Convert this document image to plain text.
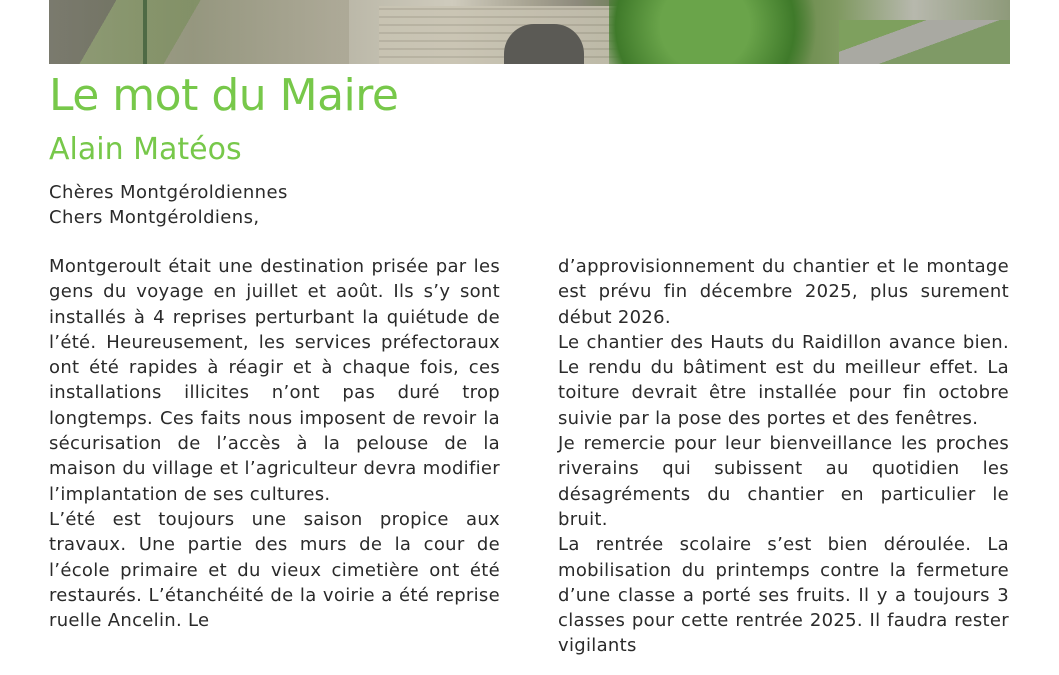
Le mot du Maire
Alain Matéos
Chères Montgéroldiennes
Chers Montgéroldiens,

Montgeroult était une destination prisée par les gens du voyage en juillet et août. Ils s’y sont installés à 4 reprises perturbant la quiétude de l’été. Heureusement, les services préfectoraux ont été rapides à réagir et à chaque fois, ces installations illicites n’ont pas duré trop longtemps. Ces faits nous imposent de revoir la sécurisation de l’accès à la pelouse de la maison du village et l’agriculteur devra modifier l’implantation de ses cultures.

L’été est toujours une saison propice aux travaux. Une partie des murs de la cour de l’école primaire et du vieux cimetière ont été restaurés. L’étanchéité de la voirie a été reprise ruelle Ancelin. Le

d’approvisionnement du chantier et le montage est prévu fin décembre 2025, plus surement début 2026.

Le chantier des Hauts du Raidillon avance bien. Le rendu du bâtiment est du meilleur effet. La toiture devrait être installée pour fin octobre suivie par la pose des portes et des fenêtres.

Je remercie pour leur bienveillance les proches riverains qui subissent au quotidien les désagréments du chantier en particulier le bruit.

La rentrée scolaire s’est bien déroulée. La mobilisation du printemps contre la fermeture d’une classe a porté ses fruits. Il y a toujours 3 classes pour cette rentrée 2025. Il faudra rester vigilants
